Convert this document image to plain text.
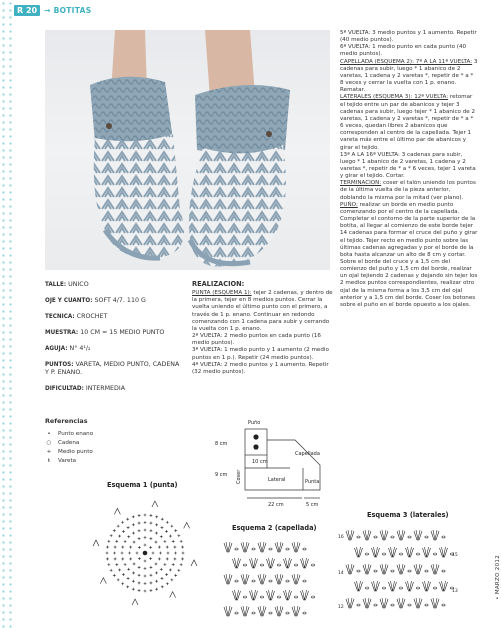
R 20 → BOTITAS

5ª VUELTA: 3 medio puntos y 1 aumento. Repetir (40 medio puntos).

6ª VUELTA: 1 medio punto en cada punto (40 medio puntos).

CAPELLADA (ESQUEMA 2): 7ª A LA 11ª VUELTA: 3 cadenas para subir, luego * 1 abanico de 2 varetas, 1 cadena y 2 varetas *, repetir de * a * 8 veces y cerrar la vuelta con 1 p. enano. Rematar.

LATERALES (ESQUEMA 3): 12ª VUELTA: retomar el tejido entre un par de abanicos y tejer 3 cadenas para subir, luego tejer * 1 abanico de 2 varetas, 1 cadena y 2 varetas *, repetir de * a * 6 veces, quedan libres 2 abanicos que corresponden al centro de la capellada. Tejer 1 vareta más entre el último par de abanicos y girar el tejido.

13ª A LA 16ª VUELTA: 3 cadenas para subir, luego * 1 abanico de 2 varetas, 1 cadena y 2 varetas *, repetir de * a * 6 veces, tejer 1 vareta y girar el tejido. Cortar.

TERMINACION: coser el talón uniendo los puntos de la última vuelta de la pieza anterior, doblando la misma por la mitad (ver plano).

PUÑO: realizar un borde en medio punto comenzando por el centro de la capellada. Completar el contorno de la parte superior de la botita, al llegar al comienzo de este borde tejer 14 cadenas para formar el cruce del puño y girar el tejido. Tejer recto en medio punto sobre las últimas cadenas agregadas y por el borde de la bota hasta alcanzar un alto de 8 cm y cortar. Sobre el borde del cruce y a 1,5 cm del comienzo del puño y 1,5 cm del borde, realizar un ojal tejiendo 2 cadenas y dejando sin tejer los 2 medios puntos correspondientes, realizar otro ojal de la misma forma a los 3,5 cm del ojal anterior y a 1,5 cm del borde. Coser los botones sobre el puño en el borde opuesto a los ojales.

TALLE: UNICO
OJE Y CUANTO: SOFT 4/7. 110 G
TECNICA: CROCHET
MUESTRA: 10 CM = 15 MEDIO PUNTO
AGUJA: N° 4¹/₂
PUNTOS: VARETA, MEDIO PUNTO, CADENA Y P. ENANO.
DIFICULTAD: INTERMEDIA
REALIZACION:

PUNTA (ESQUEMA 1): tejer 2 cadenas, y dentro de la primera, tejer en 8 medios puntos. Cerrar la vuelta uniendo el último punto con el primero, a través de 1 p. enano. Continuar en redondo comenzando con 1 cadena para subir y cerrando la vuelta con 1 p. enano.

2ª VUELTA: 2 medio puntos en cada punto (16 medio puntos).

3ª VUELTA: 1 medio punto y 1 aumento (2 medio puntos en 1 p.). Repetir (24 medio puntos).

4ª VUELTA: 2 medio puntos y 1 aumento. Repetir (32 medio puntos).

Referencias
•	Punto enano
○ Cadena
+ Medio punto
ŧ	Vareta
Puño
8 cm
9 cm
10 cm
Capellada
Lateral	Punta
22 cm	5 cm
Coser
Esquema 1 (punta)
Esquema 2 (capellada)
Esquema 3 (laterales)
16
15
14
13
12
• MARZO 2012
